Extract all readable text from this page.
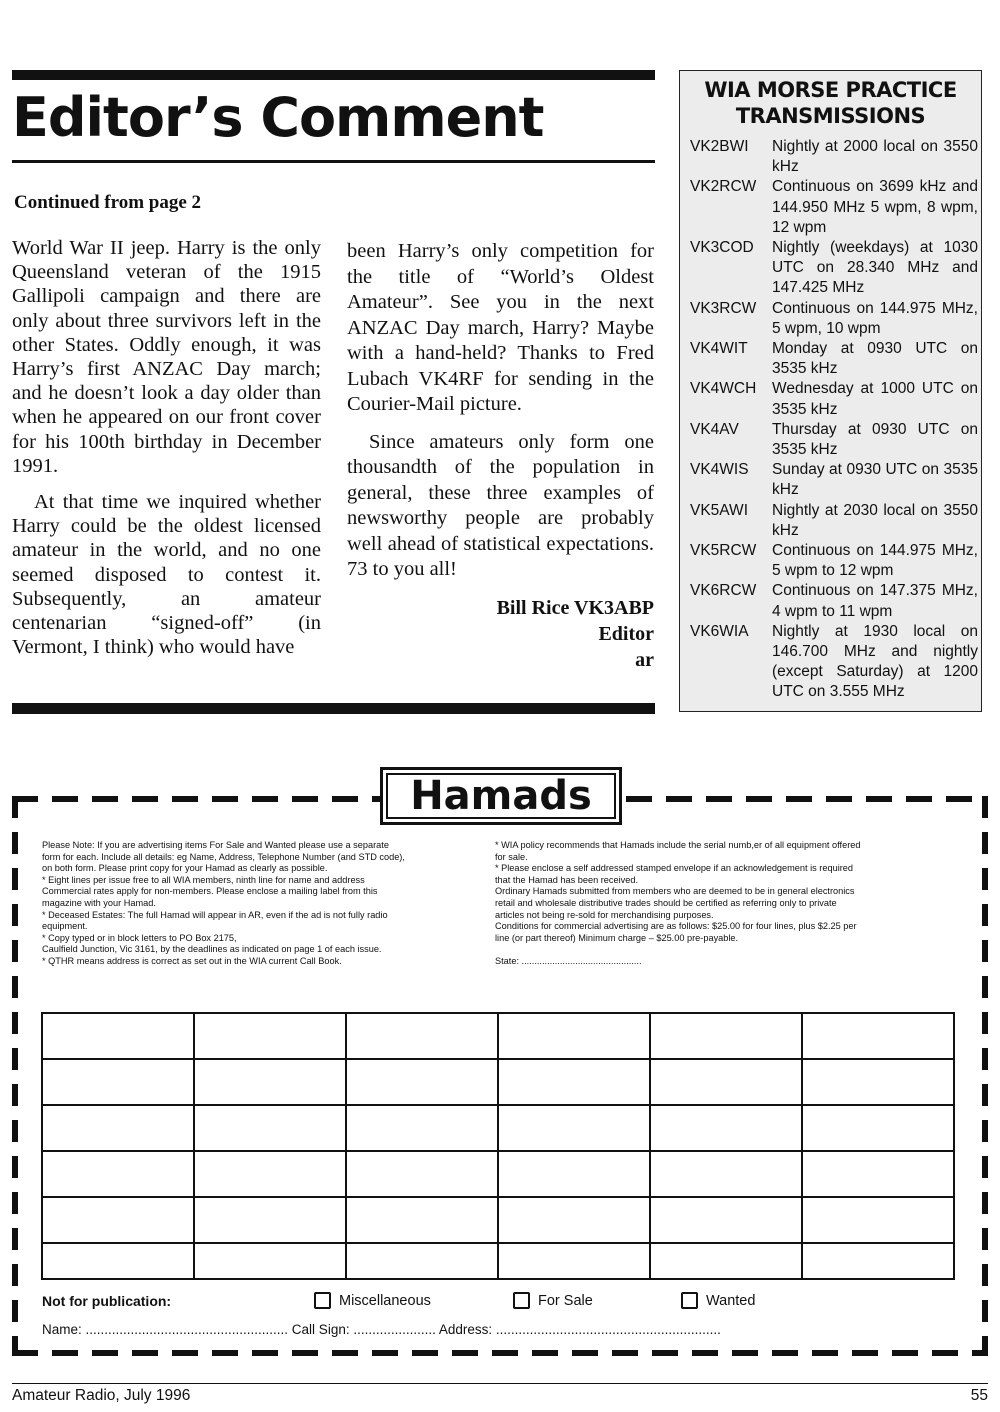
Editor’s Comment
Continued from page 2

World War II jeep. Harry is the only Queensland veteran of the 1915 Gallipoli campaign and there are only about three survivors left in the other States. Oddly enough, it was Harry’s first ANZAC Day march; and he doesn’t look a day older than when he appeared on our front cover for his 100th birthday in December 1991.

At that time we inquired whether Harry could be the oldest licensed amateur in the world, and no one seemed disposed to contest it. Subsequently, an amateur centenarian “signed-off” (in Vermont, I think) who would have

been Harry’s only competition for the title of “World’s Oldest Amateur”. See you in the next ANZAC Day march, Harry? Maybe with a hand-held? Thanks to Fred Lubach VK4RF for sending in the Courier-Mail picture.

Since amateurs only form one thousandth of the population in general, these three examples of newsworthy people are probably well ahead of statistical expectations. 73 to you all!

Bill Rice VK3ABP
Editor
ar
WIA MORSE PRACTICE
TRANSMISSIONS
VK2BWI	Nightly at 2000 local on 3550 kHz
VK2RCW	Continuous on 3699 kHz and 144.950 MHz 5 wpm, 8 wpm, 12 wpm
VK3COD	Nightly (weekdays) at 1030 UTC on 28.340 MHz and 147.425 MHz
VK3RCW	Continuous on 144.975 MHz, 5 wpm, 10 wpm
VK4WIT	Monday at 0930 UTC on 3535 kHz
VK4WCH	Wednesday at 1000 UTC on 3535 kHz
VK4AV	Thursday at 0930 UTC on 3535 kHz
VK4WIS	Sunday at 0930 UTC on 3535 kHz
VK5AWI	Nightly at 2030 local on 3550 kHz
VK5RCW	Continuous on 144.975 MHz, 5 wpm to 12 wpm
VK6RCW	Continuous on 147.375 MHz, 4 wpm to 11 wpm
VK6WIA	Nightly at 1930 local on 146.700 MHz and nightly (except Saturday) at 1200 UTC on 3.555 MHz
Hamads
Please Note: If you are advertising items For Sale and Wanted please use a separate
form for each. Include all details: eg Name, Address, Telephone Number (and STD code),
on both form. Please print copy for your Hamad as clearly as possible.
* Eight lines per issue free to all WIA members, ninth line for name and address
Commercial rates apply for non-members. Please enclose a mailing label from this
magazine with your Hamad.
* Deceased Estates: The full Hamad will appear in AR, even if the ad is not fully radio
equipment.
* Copy typed or in block letters to PO Box 2175,
Caulfield Junction, Vic 3161, by the deadlines as indicated on page 1 of each issue.
* QTHR means address is correct as set out in the WIA current Call Book.
* WIA policy recommends that Hamads include the serial numb,er of all equipment offered
for sale.
* Please enclose a self addressed stamped envelope if an acknowledgement is required
that the Hamad has been received.
Ordinary Hamads submitted from members who are deemed to be in general electronics
retail and wholesale distributive trades should be certified as referring only to private
articles not being re-sold for merchandising purposes.
Conditions for commercial advertising are as follows: $25.00 for four lines, plus $2.25 per
line (or part thereof) Minimum charge – $25.00 pre-payable.

State: ...............................................
Not for publication:	Miscellaneous	For Sale	Wanted
Name: ...................................................... Call Sign: ...................... Address: ............................................................
Amateur Radio, July 1996	55
